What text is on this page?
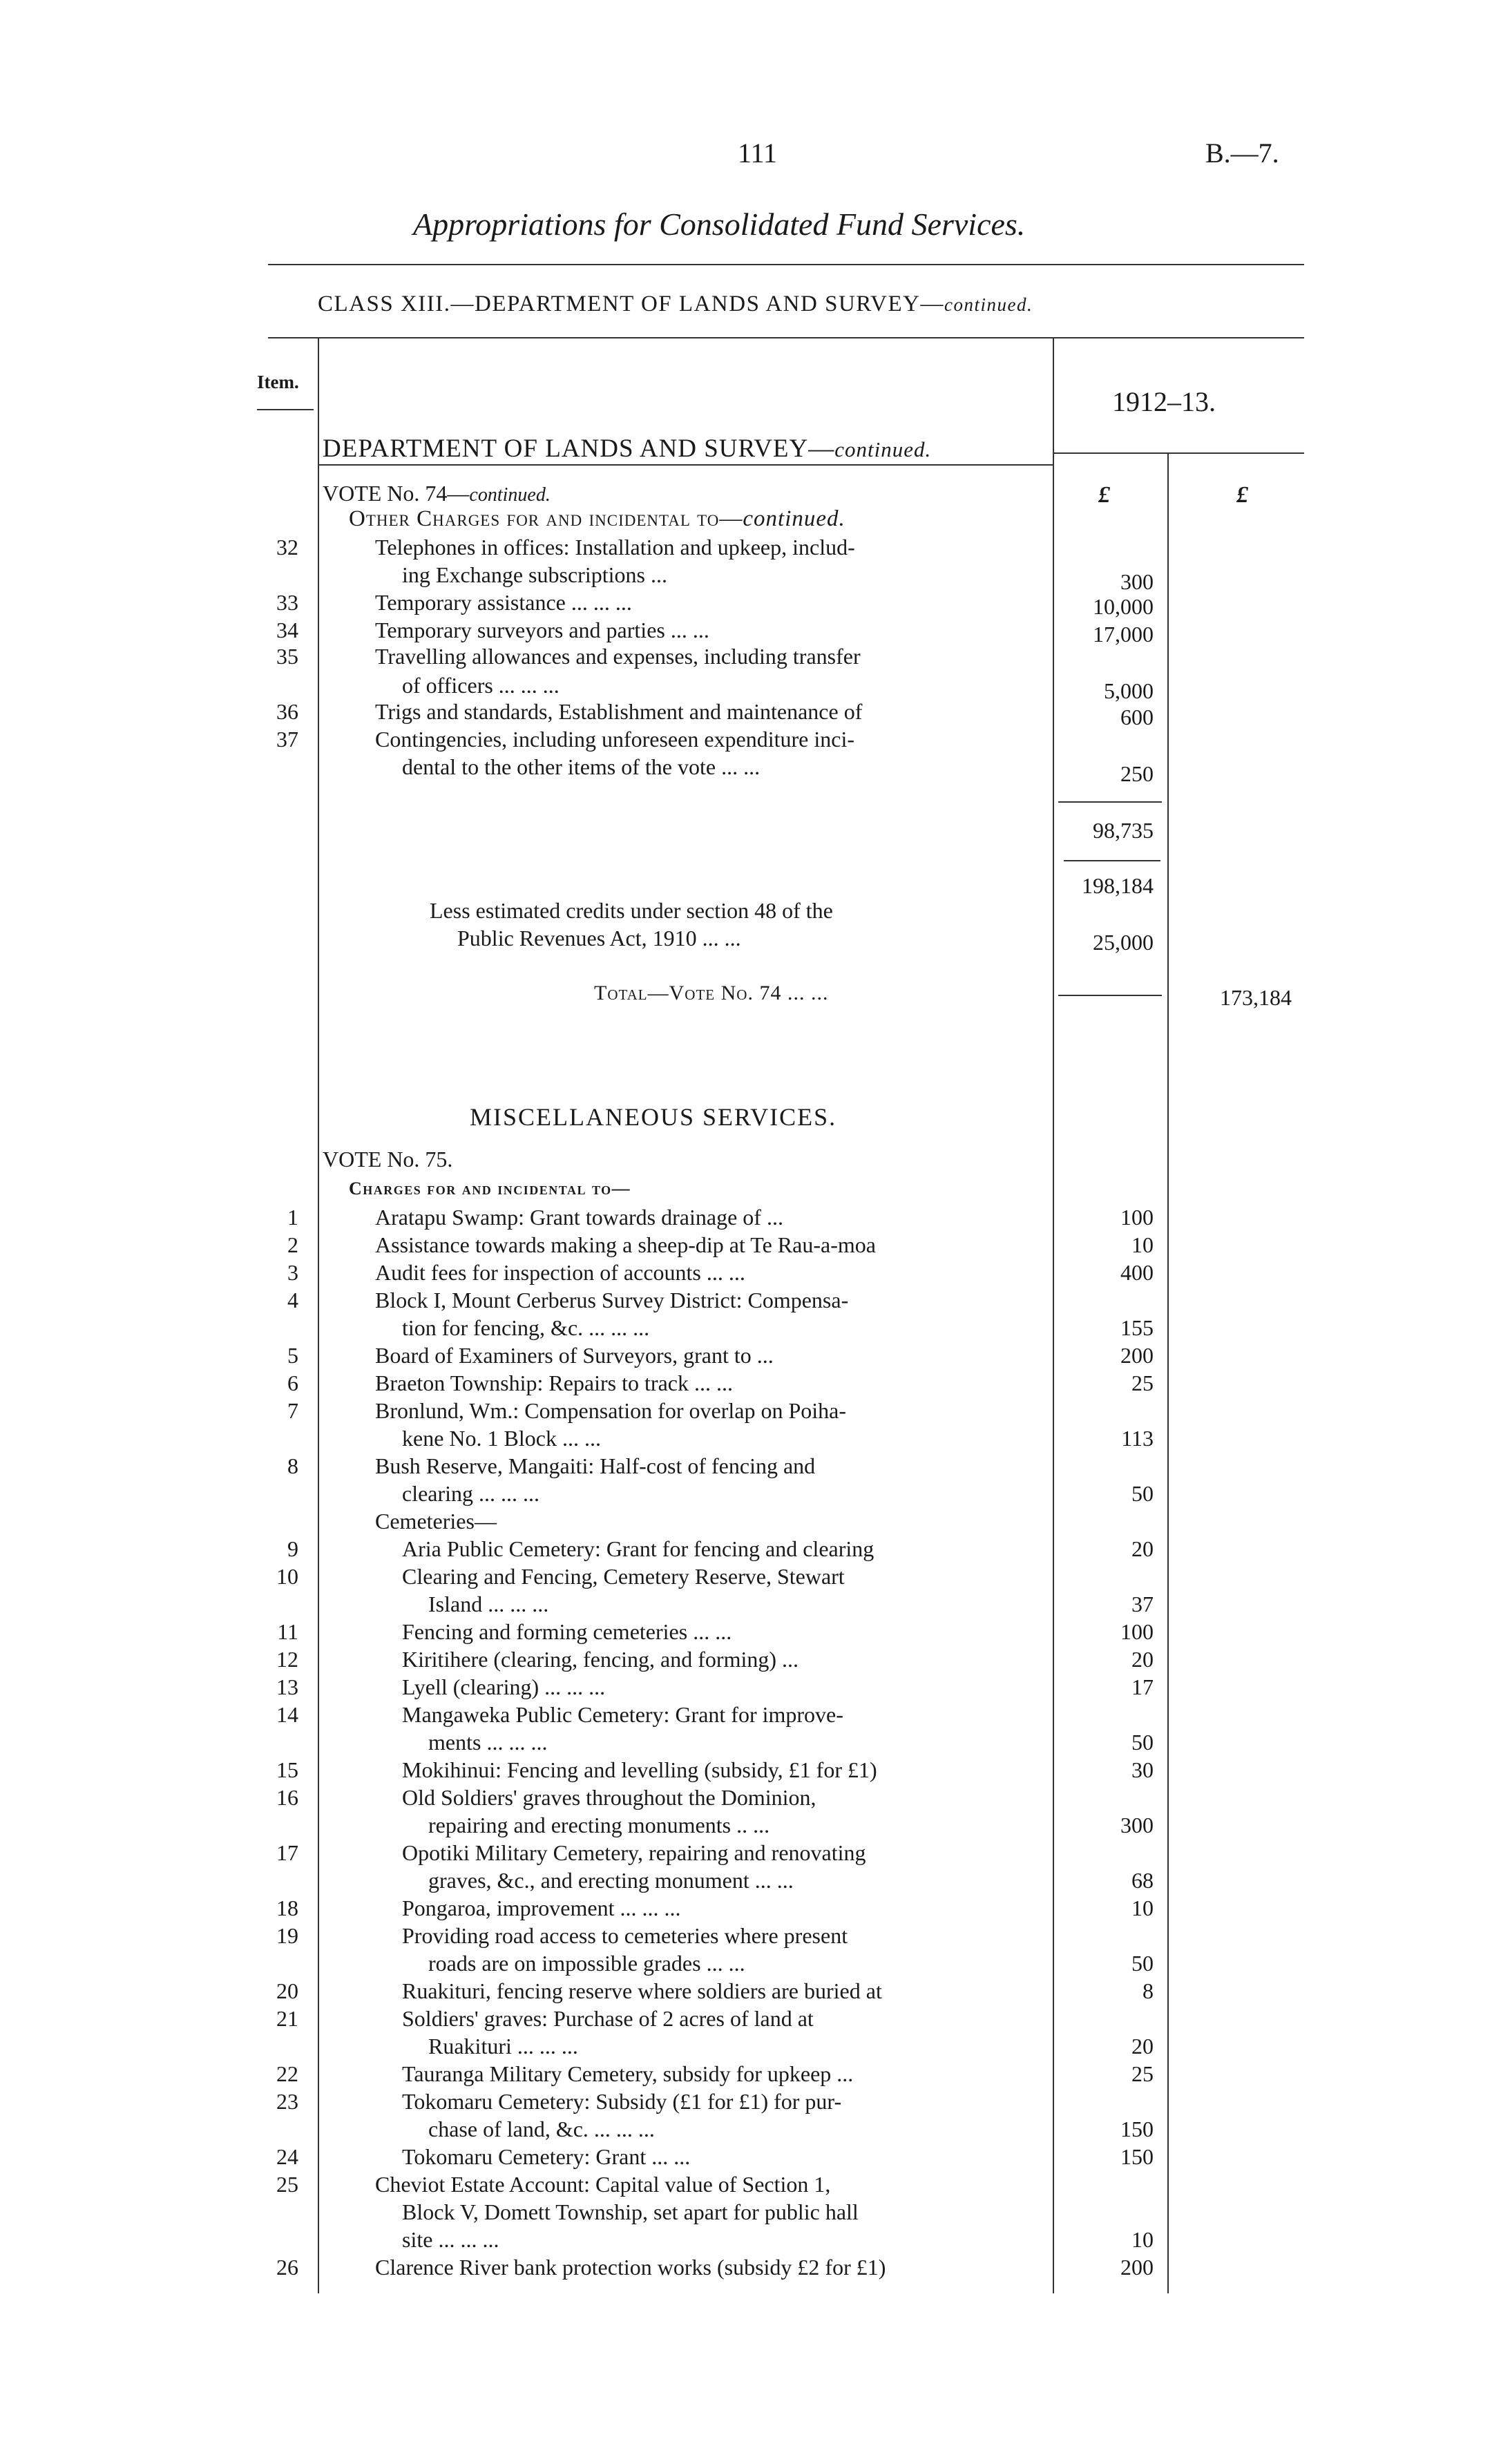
111	B.—7.
Appropriations for Consolidated Fund Services.
CLASS XIII.—DEPARTMENT OF LANDS AND SURVEY—continued.
Item.
1912–13.
DEPARTMENT OF LANDS AND SURVEY—continued.
£	£
VOTE No. 74—continued.
Other Charges for and incidental to—continued.
32	Telephones in offices: Installation and upkeep, includ-
ing Exchange subscriptions ...	300
33	Temporary assistance ... ... ...	10,000
34	Temporary surveyors and parties ... ...	17,000
35	Travelling allowances and expenses, including transfer
of officers ... ... ...	5,000
36	Trigs and standards, Establishment and maintenance of	600
37	Contingencies, including unforeseen expenditure inci-
dental to the other items of the vote ... ...	250
98,735
198,184
Less estimated credits under section 48 of the
Public Revenues Act, 1910 ... ...	25,000
Total—Vote No. 74 ... ...	173,184
MISCELLANEOUS SERVICES.
VOTE No. 75.
Charges for and incidental to—
1	Aratapu Swamp: Grant towards drainage of ...	100
2	Assistance towards making a sheep-dip at Te Rau-a-moa	10
3	Audit fees for inspection of accounts ... ...	400
4	Block I, Mount Cerberus Survey District: Compensa-
tion for fencing, &c. ... ... ...	155
5	Board of Examiners of Surveyors, grant to ...	200
6	Braeton Township: Repairs to track ... ...	25
7	Bronlund, Wm.: Compensation for overlap on Poiha-
kene No. 1 Block ... ...	113
8	Bush Reserve, Mangaiti: Half-cost of fencing and
clearing ... ... ...	50
Cemeteries—
9	Aria Public Cemetery: Grant for fencing and clearing	20
10	Clearing and Fencing, Cemetery Reserve, Stewart
Island ... ... ...	37
11	Fencing and forming cemeteries ... ...	100
12	Kiritihere (clearing, fencing, and forming) ...	20
13	Lyell (clearing) ... ... ...	17
14	Mangaweka Public Cemetery: Grant for improve-
ments ... ... ...	50
15	Mokihinui: Fencing and levelling (subsidy, £1 for £1)	30
16	Old Soldiers' graves throughout the Dominion,
repairing and erecting monuments .. ...	300
17	Opotiki Military Cemetery, repairing and renovating
graves, &c., and erecting monument ... ...	68
18	Pongaroa, improvement ... ... ...	10
19	Providing road access to cemeteries where present
roads are on impossible grades ... ...	50
20	Ruakituri, fencing reserve where soldiers are buried at	8
21	Soldiers' graves: Purchase of 2 acres of land at
Ruakituri ... ... ...	20
22	Tauranga Military Cemetery, subsidy for upkeep ...	25
23	Tokomaru Cemetery: Subsidy (£1 for £1) for pur-
chase of land, &c. ... ... ...	150
24	Tokomaru Cemetery: Grant ... ...	150
25	Cheviot Estate Account: Capital value of Section 1,
Block V, Domett Township, set apart for public hall
site ... ... ...	10
26	Clarence River bank protection works (subsidy £2 for £1)	200
